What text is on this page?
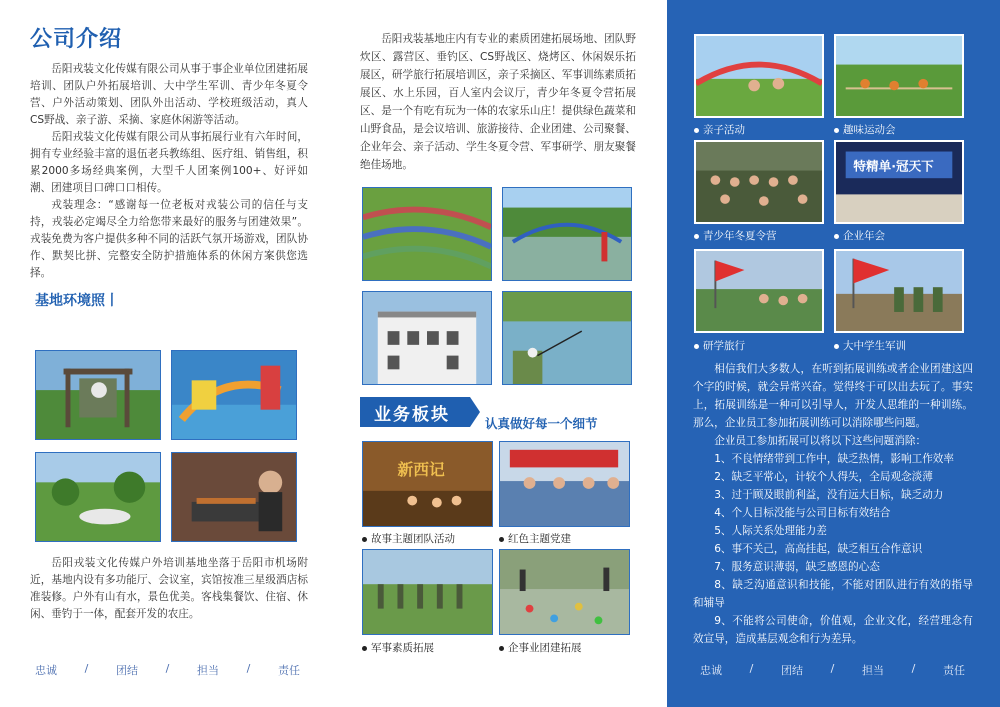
公司介绍

岳阳戎装文化传媒有限公司从事于事企业单位团建拓展培训、团队户外拓展培训、大中学生军训、青少年冬夏令营、户外活动策划、团队外出活动、学校班级活动，真人CS野战、亲子游、采摘、家庭休闲游等活动。

岳阳戎装文化传媒有限公司从事拓展行业有六年时间，拥有专业经验丰富的退伍老兵教练组、医疗组、销售组，积累2000多场经典案例，大型千人团案例100+、好评如潮、团建项目口碑口口相传。

戎装理念：“感谢每一位老板对戎装公司的信任与支持，戎装必定竭尽全力给您带来最好的服务与团建效果”。戎装免费为客户提供多种不同的活跃气氛开场游戏，团队协作、默契比拼、完整安全防护措施体系的休闲方案供您选择。

基地环境照丨

岳阳戎装文化传媒户外培训基地坐落于岳阳市机场附近，基地内设有多功能厅、会议室，宾馆按准三星级酒店标准装修。户外有山有水，景色优美。客栈集餐饮、住宿、休闲、垂钓于一体，配套开发的农庄。

忠诚	/	团结	/	担当	/	责任

岳阳戎装基地庄内有专业的素质团建拓展场地、团队野炊区、露营区、垂钓区、CS野战区、烧烤区、休闲娱乐拓展区，研学旅行拓展培训区，亲子采摘区、军事训练素质拓展区、水上乐园，百人室内会议厅，青少年冬夏令营拓展区、是一个有吃有玩为一体的农家乐山庄！提供绿色蔬菜和山野食品，是会议培训、旅游接待、企业团建、公司聚餐、企业年会、亲子活动、学生冬夏令营、军事研学、朋友聚餐绝佳场地。

业务板块	认真做好每一个细节
新西记
故事主题团队活动	红色主题党建
军事素质拓展	企事业团建拓展
亲子活动	趣味运动会
特精单·冠天下
青少年冬夏令营	企业年会
研学旅行	大中学生军训

相信我们大多数人，在听到拓展训练或者企业团建这四个字的时候，就会异常兴奋。觉得终于可以出去玩了。事实上，拓展训练是一种可以引导人，开发人思维的一种训练。那么，企业员工参加拓展训练可以消除哪些问题。

企业员工参加拓展可以将以下这些问题消除：

1、不良情绪带到工作中，缺乏热情，影响工作效率

2、缺乏平常心，计较个人得失，全局观念淡薄

3、过于顾及眼前利益，没有远大目标，缺乏动力

4、个人目标没能与公司目标有效结合

5、人际关系处理能力差

6、事不关己，高高挂起，缺乏相互合作意识

7、服务意识薄弱，缺乏感恩的心态

8、缺乏沟通意识和技能，不能对团队进行有效的指导和辅导

9、不能将公司使命，价值观，企业文化，经营理念有效宣导，造成基层观念和行为差异。

忠诚	/	团结	/	担当	/	责任
